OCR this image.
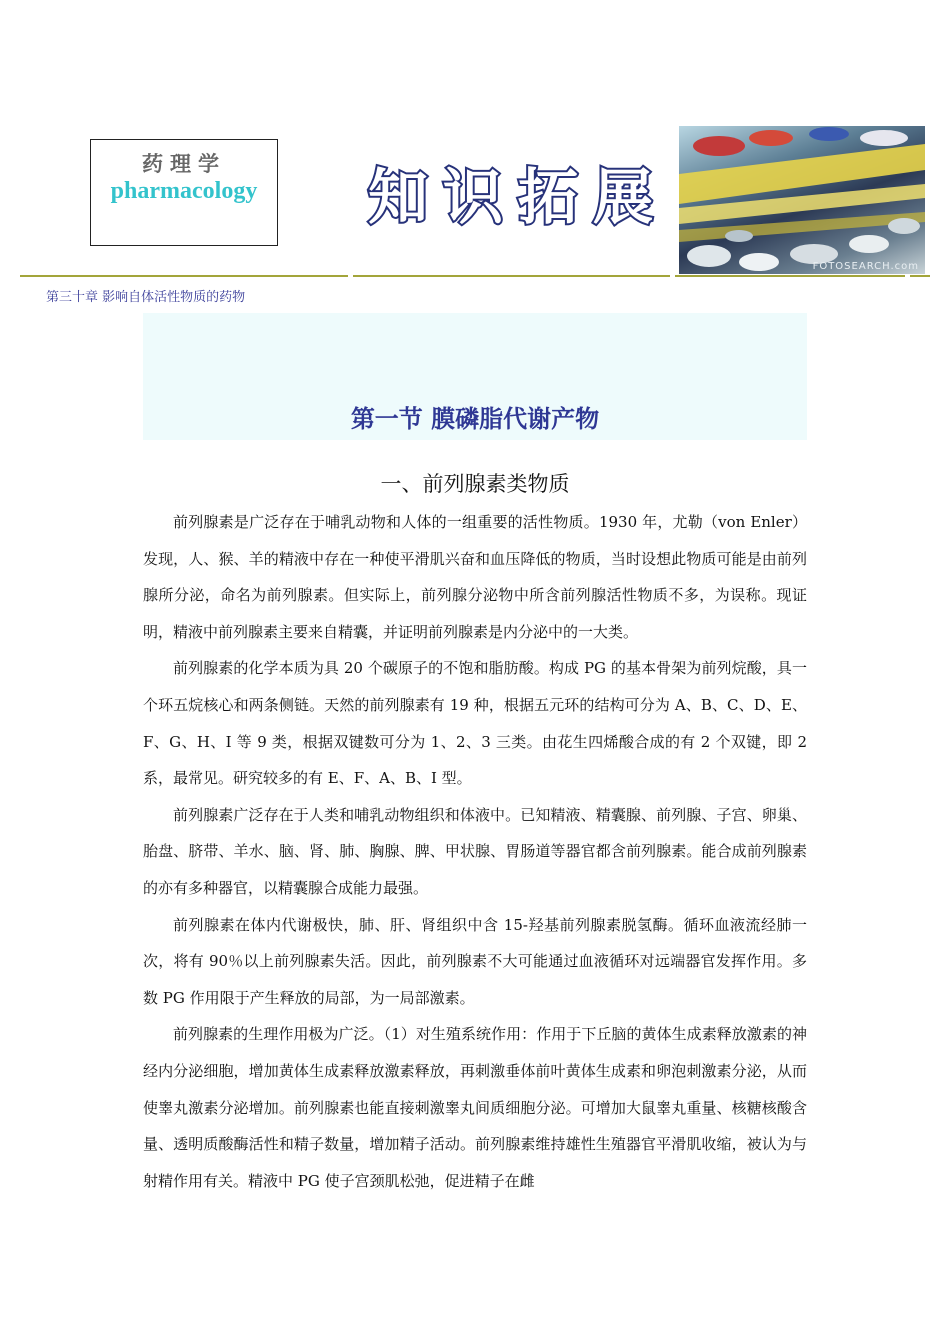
药理学
pharmacology	知识拓展
FOTOSEARCH.com
第三十章 影响自体活性物质的药物
第一节 膜磷脂代谢产物
一、前列腺素类物质

前列腺素是广泛存在于哺乳动物和人体的一组重要的活性物质。1930 年，尤勒（von Enler）发现，人、猴、羊的精液中存在一种使平滑肌兴奋和血压降低的物质，当时设想此物质可能是由前列腺所分泌，命名为前列腺素。但实际上，前列腺分泌物中所含前列腺活性物质不多，为误称。现证明，精液中前列腺素主要来自精囊，并证明前列腺素是内分泌中的一大类。

前列腺素的化学本质为具 20 个碳原子的不饱和脂肪酸。构成 PG 的基本骨架为前列烷酸，具一个环五烷核心和两条侧链。天然的前列腺素有 19 种，根据五元环的结构可分为 A、B、C、D、E、F、G、H、I 等 9 类，根据双键数可分为 1、2、3 三类。由花生四烯酸合成的有 2 个双键，即 2 系，最常见。研究较多的有 E、F、A、B、I 型。

前列腺素广泛存在于人类和哺乳动物组织和体液中。已知精液、精囊腺、前列腺、子宫、卵巢、胎盘、脐带、羊水、脑、肾、肺、胸腺、脾、甲状腺、胃肠道等器官都含前列腺素。能合成前列腺素的亦有多种器官，以精囊腺合成能力最强。

前列腺素在体内代谢极快，肺、肝、肾组织中含 15-羟基前列腺素脱氢酶。循环血液流经肺一次，将有 90％以上前列腺素失活。因此，前列腺素不大可能通过血液循环对远端器官发挥作用。多数 PG 作用限于产生释放的局部，为一局部激素。

前列腺素的生理作用极为广泛。（1）对生殖系统作用：作用于下丘脑的黄体生成素释放激素的神经内分泌细胞，增加黄体生成素释放激素释放，再刺激垂体前叶黄体生成素和卵泡刺激素分泌，从而使睾丸激素分泌增加。前列腺素也能直接刺激睾丸间质细胞分泌。可增加大鼠睾丸重量、核糖核酸含量、透明质酸酶活性和精子数量，增加精子活动。前列腺素维持雄性生殖器官平滑肌收缩，被认为与射精作用有关。精液中 PG 使子宫颈肌松弛，促进精子在雌
